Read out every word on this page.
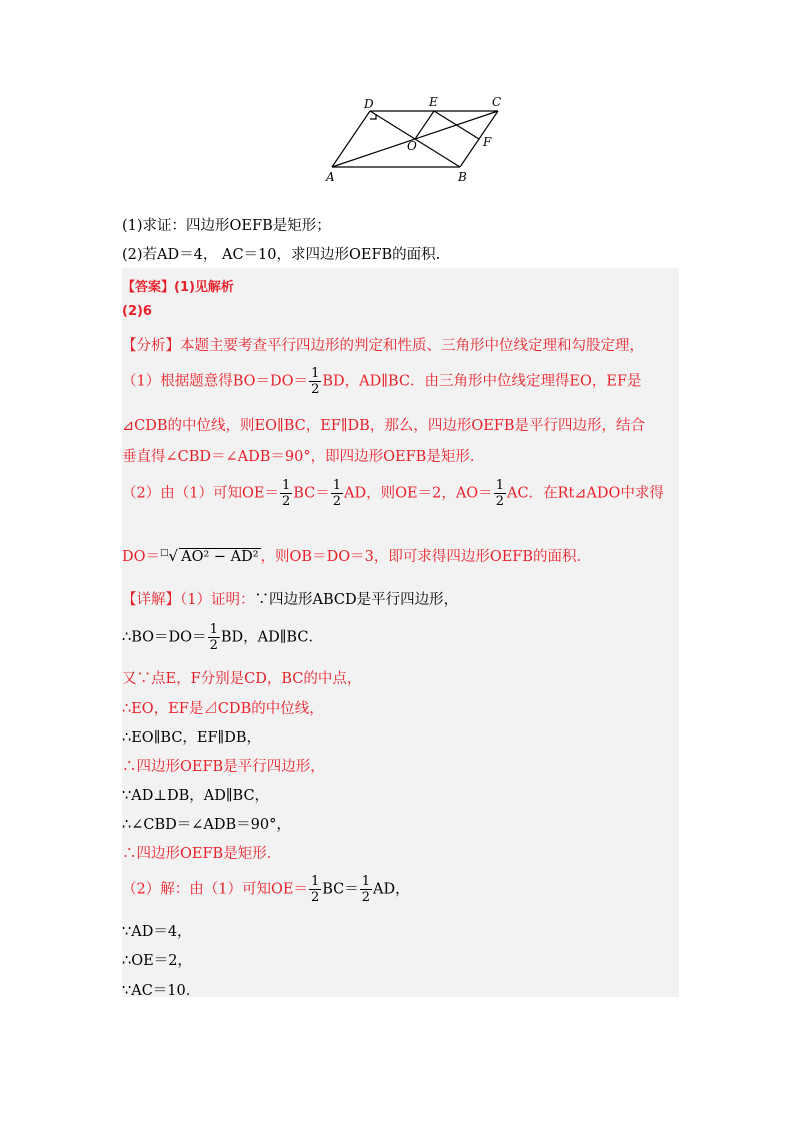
D	E	C
O	F
A	B
(1)求证：四边形OEFB是矩形；
(2)若AD＝4， AC＝10，求四边形OEFB的面积.
【答案】(1)见解析
(2)6
【分析】本题主要考查平行四边形的判定和性质、三角形中位线定理和勾股定理，
（1）根据题意得$BO=DO= \frac{1}{2}$ BD，AD∥BC．由三角形中位线定理得EO，EF是
⊿CDB的中位线，则EO∥BC，EF∥DB，那么，四边形OEFB是平行四边形，结合
垂直得∠CBD＝∠ADB＝90°，即四边形OEFB是矩形．
（2）由（1）可知$OE= \frac{1}{2} BC= \frac{1}{2}$ AD，则OE＝2，$AO= \frac{1}{2}$ AC．在Rt⊿ADO中求得
DO＝□√ AO² − AD² ，则OB＝DO＝3，即可求得四边形OEFB的面积．
【详解】（1）证明：∵四边形ABCD是平行四边形，
∴BO＝DO＝ $\frac{1}{2}$ BD，AD∥BC．
又∵点E，F分别是CD，BC的中点，
∴EO，EF是⊿CDB的中位线，
∴EO∥BC，EF∥DB，
∴四边形OEFB是平行四边形，
∵AD⊥DB，AD∥BC，
∴∠CBD＝∠ADB＝90°，
∴四边形OEFB是矩形．
（2）解：由（1）可知$OE= \frac{1}{2} BC= \frac{1}{2}$ AD，
∵AD＝4，
∴OE＝2，
∵AC＝10．
